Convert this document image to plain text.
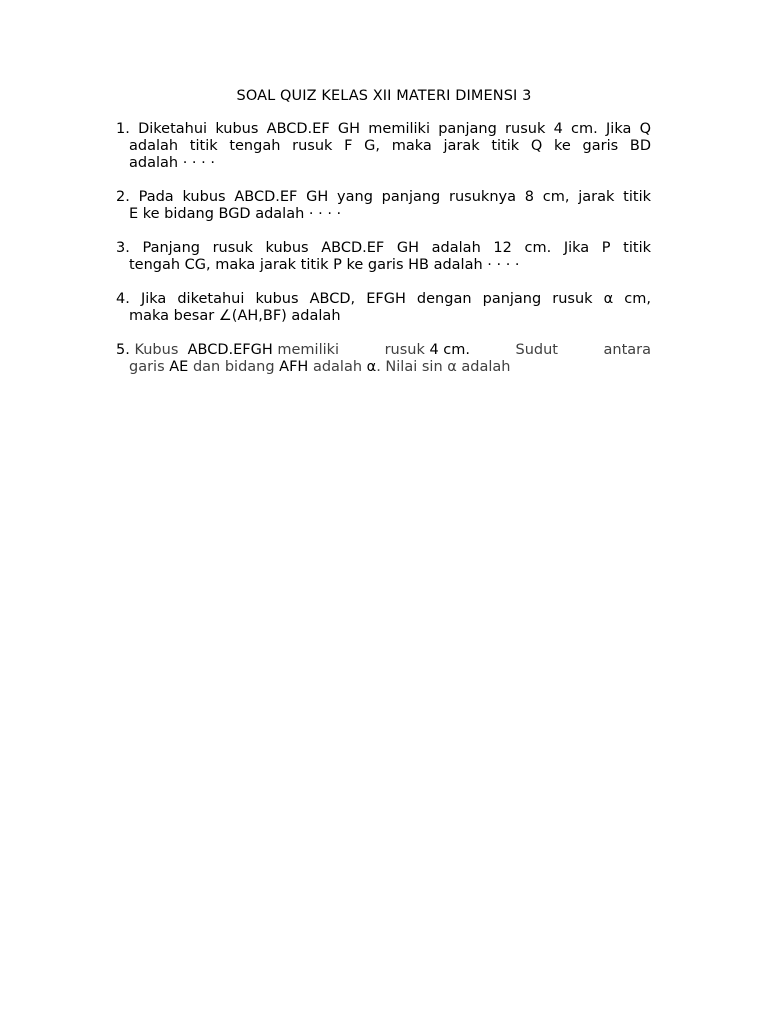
SOAL QUIZ KELAS XII MATERI DIMENSI 3
1. Diketahui kubus ABCD.EF GH memiliki panjang rusuk 4 cm. Jika Q
adalah titik tengah rusuk F G, maka jarak titik Q ke garis BD
adalah · · · ·
2. Pada kubus ABCD.EF GH yang panjang rusuknya 8 cm, jarak titik
E ke bidang BGD adalah · · · ·
3. Panjang rusuk kubus ABCD.EF GH adalah 12 cm. Jika P titik
tengah CG, maka jarak titik P ke garis HB adalah · · · ·
4. Jika diketahui kubus ABCD, EFGH dengan panjang rusuk α cm,
maka besar ∠(AH,BF) adalah
5. Kubus ABCD.EFGH memiliki	rusuk 4 cm.	Sudut	antara
garis AE dan bidang AFH adalah α. Nilai sin α adalah
